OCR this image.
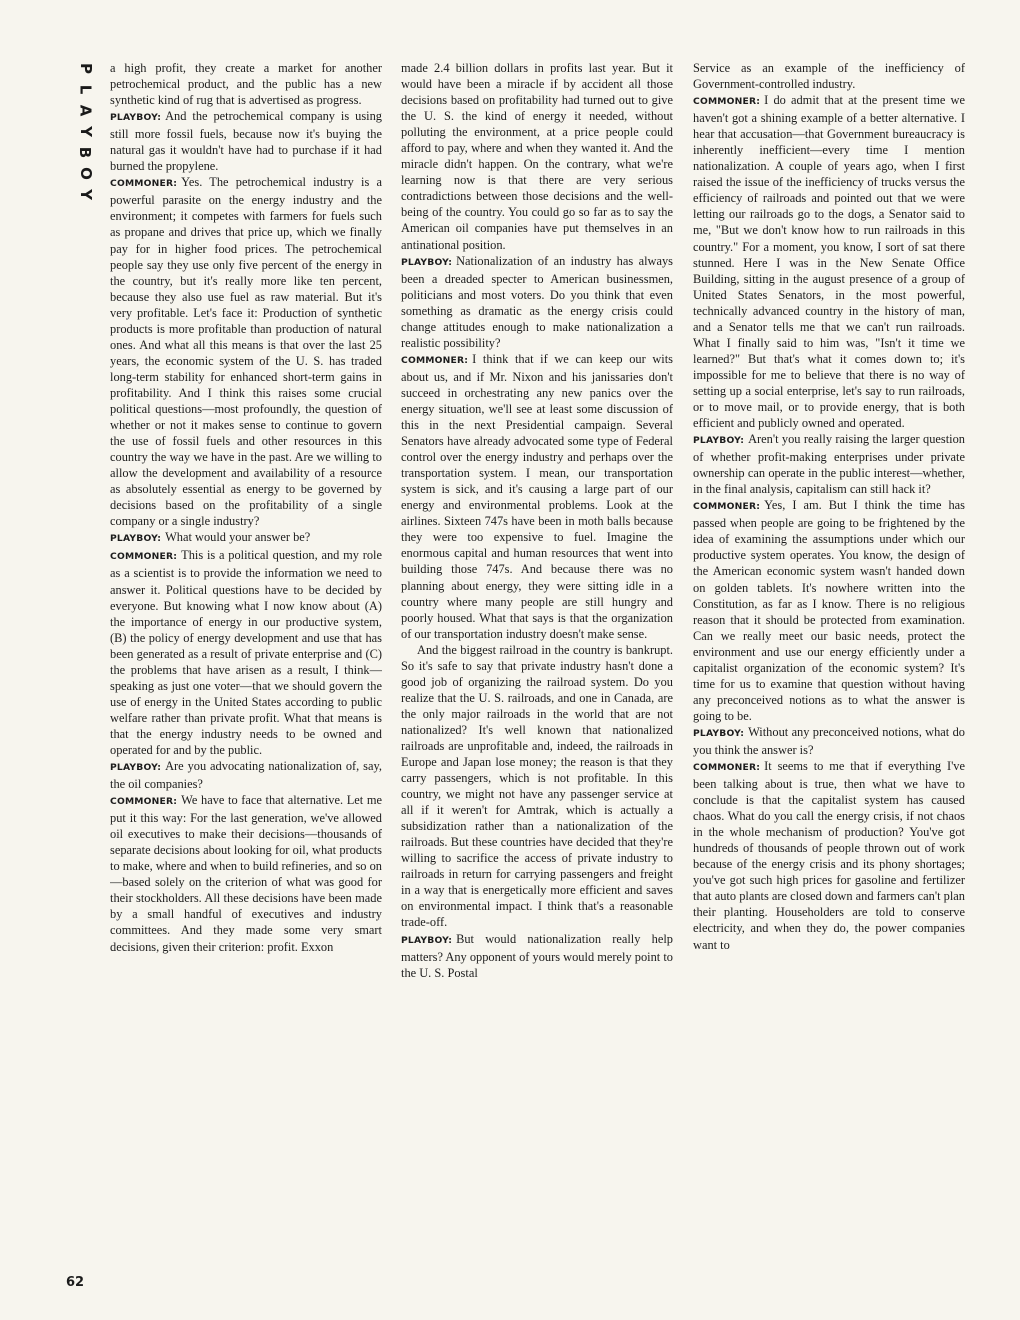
P
L
A
Y
B
O
Y

a high profit, they create a market for another petrochemical product, and the public has a new synthetic kind of rug that is advertised as progress.

PLAYBOY: And the petrochemical company is using still more fossil fuels, because now it's buying the natural gas it wouldn't have had to purchase if it had burned the propylene.

COMMONER: Yes. The petrochemical industry is a powerful parasite on the energy industry and the environment; it competes with farmers for fuels such as propane and drives that price up, which we finally pay for in higher food prices. The petrochemical people say they use only five percent of the energy in the country, but it's really more like ten percent, because they also use fuel as raw material. But it's very profitable. Let's face it: Production of synthetic products is more profitable than production of natural ones. And what all this means is that over the last 25 years, the economic system of the U. S. has traded long-term stability for enhanced short-term gains in profitability. And I think this raises some crucial political questions—most profoundly, the question of whether or not it makes sense to continue to govern the use of fossil fuels and other resources in this country the way we have in the past. Are we willing to allow the development and availability of a resource as absolutely essential as energy to be governed by decisions based on the profitability of a single company or a single industry?

PLAYBOY: What would your answer be?

COMMONER: This is a political question, and my role as a scientist is to provide the information we need to answer it. Political questions have to be decided by everyone. But knowing what I now know about (A) the importance of energy in our productive system, (B) the policy of energy development and use that has been generated as a result of private enterprise and (C) the problems that have arisen as a result, I think—speaking as just one voter—that we should govern the use of energy in the United States according to public welfare rather than private profit. What that means is that the energy industry needs to be owned and operated for and by the public.

PLAYBOY: Are you advocating nationalization of, say, the oil companies?

COMMONER: We have to face that alternative. Let me put it this way: For the last generation, we've allowed oil executives to make their decisions—thousands of separate decisions about looking for oil, what products to make, where and when to build refineries, and so on—based solely on the criterion of what was good for their stockholders. All these decisions have been made by a small handful of executives and industry committees. And they made some very smart decisions, given their criterion: profit. Exxon

made 2.4 billion dollars in profits last year. But it would have been a miracle if by accident all those decisions based on profitability had turned out to give the U. S. the kind of energy it needed, without polluting the environment, at a price people could afford to pay, where and when they wanted it. And the miracle didn't happen. On the contrary, what we're learning now is that there are very serious contradictions between those decisions and the well-being of the country. You could go so far as to say the American oil companies have put themselves in an antinational position.

PLAYBOY: Nationalization of an industry has always been a dreaded specter to American businessmen, politicians and most voters. Do you think that even something as dramatic as the energy crisis could change attitudes enough to make nationalization a realistic possibility?

COMMONER: I think that if we can keep our wits about us, and if Mr. Nixon and his janissaries don't succeed in orchestrating any new panics over the energy situation, we'll see at least some discussion of this in the next Presidential campaign. Several Senators have already advocated some type of Federal control over the energy industry and perhaps over the transportation system. I mean, our transportation system is sick, and it's causing a large part of our energy and environmental problems. Look at the airlines. Sixteen 747s have been in moth balls because they were too expensive to fuel. Imagine the enormous capital and human resources that went into building those 747s. And because there was no planning about energy, they were sitting idle in a country where many people are still hungry and poorly housed. What that says is that the organization of our transportation industry doesn't make sense.

And the biggest railroad in the country is bankrupt. So it's safe to say that private industry hasn't done a good job of organizing the railroad system. Do you realize that the U. S. railroads, and one in Canada, are the only major railroads in the world that are not nationalized? It's well known that nationalized railroads are unprofitable and, indeed, the railroads in Europe and Japan lose money; the reason is that they carry passengers, which is not profitable. In this country, we might not have any passenger service at all if it weren't for Amtrak, which is actually a subsidization rather than a nationalization of the railroads. But these countries have decided that they're willing to sacrifice the access of private industry to railroads in return for carrying passengers and freight in a way that is energetically more efficient and saves on environmental impact. I think that's a reasonable trade-off.

PLAYBOY: But would nationalization really help matters? Any opponent of yours would merely point to the U. S. Postal

Service as an example of the inefficiency of Government-controlled industry.

COMMONER: I do admit that at the present time we haven't got a shining example of a better alternative. I hear that accusation—that Government bureaucracy is inherently inefficient—every time I mention nationalization. A couple of years ago, when I first raised the issue of the inefficiency of trucks versus the efficiency of railroads and pointed out that we were letting our railroads go to the dogs, a Senator said to me, "But we don't know how to run railroads in this country." For a moment, you know, I sort of sat there stunned. Here I was in the New Senate Office Building, sitting in the august presence of a group of United States Senators, in the most powerful, technically advanced country in the history of man, and a Senator tells me that we can't run railroads. What I finally said to him was, "Isn't it time we learned?" But that's what it comes down to; it's impossible for me to believe that there is no way of setting up a social enterprise, let's say to run railroads, or to move mail, or to provide energy, that is both efficient and publicly owned and operated.

PLAYBOY: Aren't you really raising the larger question of whether profit-making enterprises under private ownership can operate in the public interest—whether, in the final analysis, capitalism can still hack it?

COMMONER: Yes, I am. But I think the time has passed when people are going to be frightened by the idea of examining the assumptions under which our productive system operates. You know, the design of the American economic system wasn't handed down on golden tablets. It's nowhere written into the Constitution, as far as I know. There is no religious reason that it should be protected from examination. Can we really meet our basic needs, protect the environment and use our energy efficiently under a capitalist organization of the economic system? It's time for us to examine that question without having any preconceived notions as to what the answer is going to be.

PLAYBOY: Without any preconceived notions, what do you think the answer is?

COMMONER: It seems to me that if everything I've been talking about is true, then what we have to conclude is that the capitalist system has caused chaos. What do you call the energy crisis, if not chaos in the whole mechanism of production? You've got hundreds of thousands of people thrown out of work because of the energy crisis and its phony shortages; you've got such high prices for gasoline and fertilizer that auto plants are closed down and farmers can't plan their planting. Householders are told to conserve electricity, and when they do, the power companies want to

62
